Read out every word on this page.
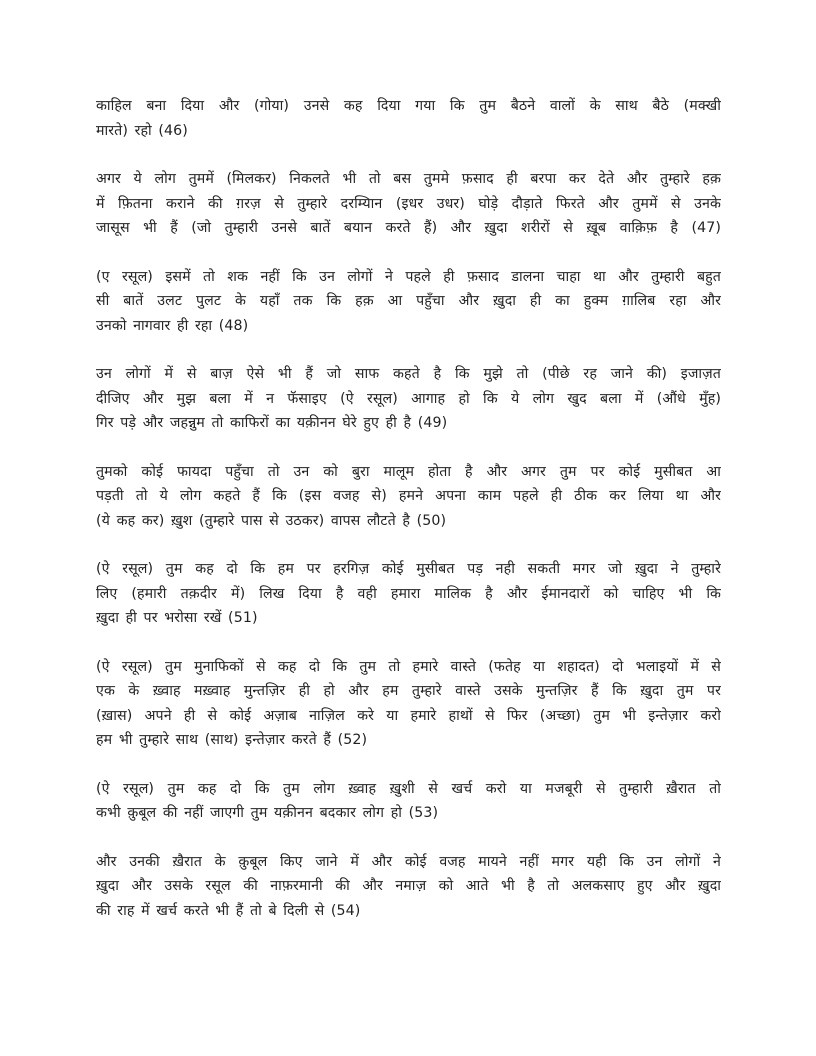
काहिल बना दिया और (गोया) उनसे कह दिया गया कि तुम बैठने वालों के साथ बैठे (मक्खी
मारते) रहो (46)
अगर ये लोग तुममें (मिलकर) निकलते भी तो बस तुममे फ़साद ही बरपा कर देते और तुम्हारे हक़
में फ़ितना कराने की ग़रज़ से तुम्हारे दरम्यिान (इधर उधर) घोड़े दौड़ाते फिरते और तुममें से उनके
जासूस भी हैं (जो तुम्हारी उनसे बातें बयान करते हैं) और ख़ुदा शरीरों से ख़ूब वाक़िफ़ है (47)
(ए रसूल) इसमें तो शक नहीं कि उन लोगों ने पहले ही फ़साद डालना चाहा था और तुम्हारी बहुत
सी बातें उलट पुलट के यहाँ तक कि हक़ आ पहुँचा और ख़ुदा ही का हुक्म ग़ालिब रहा और
उनको नागवार ही रहा (48)
उन लोगों में से बाज़ ऐसे भी हैं जो साफ कहते है कि मुझे तो (पीछे रह जाने की) इजाज़त
दीजिए और मुझ बला में न फॅसाइए (ऐ रसूल) आगाह हो कि ये लोग खुद बला में (औंधे मुँह)
गिर पड़े और जहन्नुम तो काफिरों का यक़ीनन घेरे हुए ही है (49)
तुमको कोई फायदा पहुँचा तो उन को बुरा मालूम होता है और अगर तुम पर कोई मुसीबत आ
पड़ती तो ये लोग कहते हैं कि (इस वजह से) हमने अपना काम पहले ही ठीक कर लिया था और
(ये कह कर) ख़ुश (तुम्हारे पास से उठकर) वापस लौटते है (50)
(ऐ रसूल) तुम कह दो कि हम पर हरगिज़ कोई मुसीबत पड़ नही सकती मगर जो ख़ुदा ने तुम्हारे
लिए (हमारी तक़दीर में) लिख दिया है वही हमारा मालिक है और ईमानदारों को चाहिए भी कि
ख़ुदा ही पर भरोसा रखें (51)
(ऐ रसूल) तुम मुनाफिकों से कह दो कि तुम तो हमारे वास्ते (फतेह या शहादत) दो भलाइयों में से
एक के ख़्वाह मख़्वाह मुन्तज़िर ही हो और हम तुम्हारे वास्ते उसके मुन्तज़िर हैं कि ख़ुदा तुम पर
(ख़ास) अपने ही से कोई अज़ाब नाज़िल करे या हमारे हाथों से फिर (अच्छा) तुम भी इन्तेज़ार करो
हम भी तुम्हारे साथ (साथ) इन्तेज़ार करते हैं (52)
(ऐ रसूल) तुम कह दो कि तुम लोग ख़्वाह ख़ुशी से खर्च करो या मजबूरी से तुम्हारी ख़ैरात तो
कभी क़ुबूल की नहीं जाएगी तुम यक़ीनन बदकार लोग हो (53)
और उनकी ख़ैरात के क़ुबूल किए जाने में और कोई वजह मायने नहीं मगर यही कि उन लोगों ने
ख़ुदा और उसके रसूल की नाफ़रमानी की और नमाज़ को आते भी है तो अलकसाए हुए और ख़ुदा
की राह में खर्च करते भी हैं तो बे दिली से (54)
